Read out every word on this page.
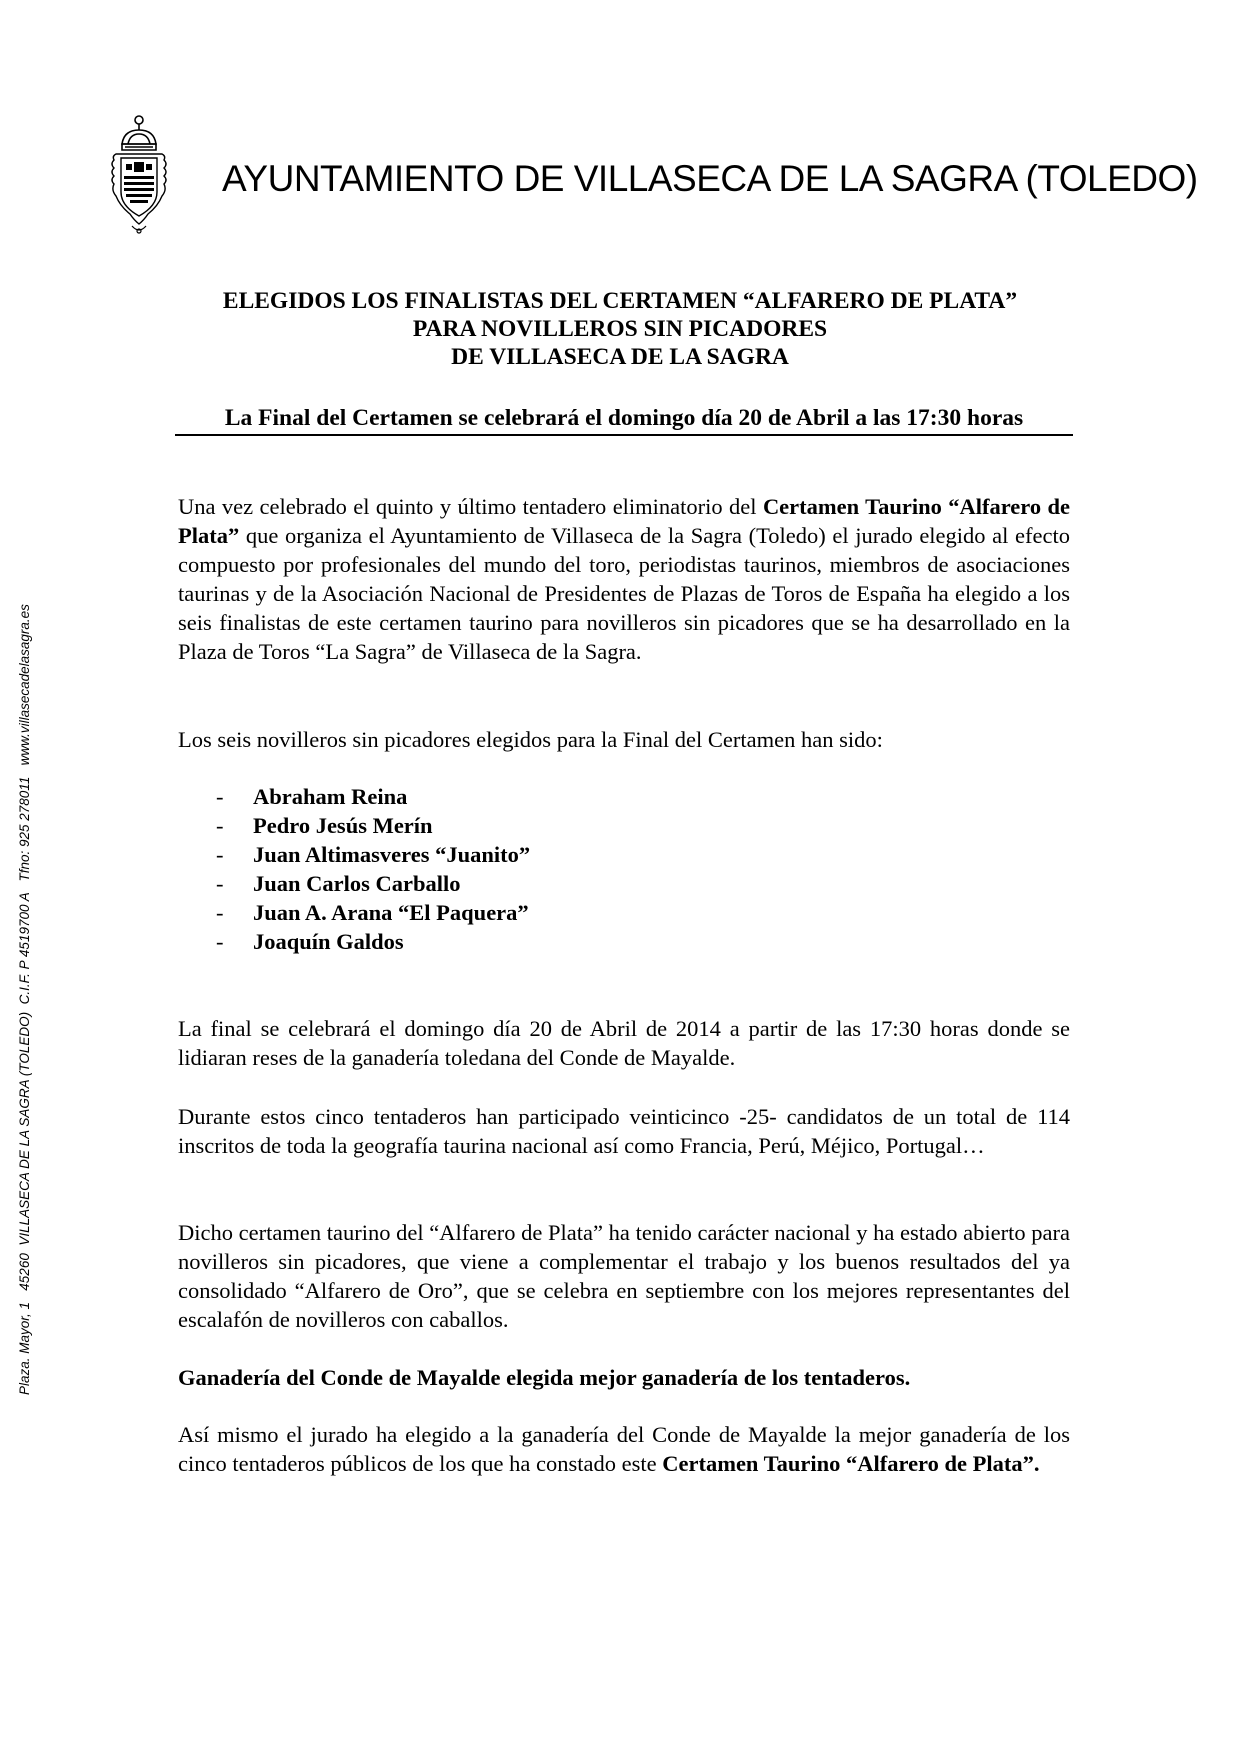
AYUNTAMIENTO DE VILLASECA DE LA SAGRA (TOLEDO)
Plaza. Mayor, 1   45260  VILLASECA DE LA SAGRA (TOLEDO)  C.I.F. P 4519700 A   Tfno: 925 278011   www.villasecadelasagra.es
ELEGIDOS LOS FINALISTAS DEL CERTAMEN “ALFARERO DE PLATA”
PARA NOVILLEROS SIN PICADORES
DE VILLASECA DE LA SAGRA
La Final del Certamen se celebrará el domingo día 20 de Abril a las 17:30 horas
Una vez celebrado el quinto y último tentadero eliminatorio del Certamen Taurino “Alfarero de Plata” que organiza el Ayuntamiento de Villaseca de la Sagra (Toledo) el jurado elegido al efecto compuesto por profesionales del mundo del toro, periodistas taurinos, miembros de asociaciones taurinas y de la Asociación Nacional de Presidentes de Plazas de Toros de España ha elegido a los seis finalistas de este certamen taurino para novilleros sin picadores que se ha desarrollado en la Plaza de Toros “La Sagra” de Villaseca de la Sagra.
Los seis novilleros sin picadores elegidos para la Final del Certamen han sido:
- Abraham Reina
- Pedro Jesús Merín
- Juan Altimasveres “Juanito”
- Juan Carlos Carballo
- Juan A. Arana “El Paquera”
- Joaquín Galdos
La final se celebrará el domingo día 20 de Abril de 2014 a partir de las 17:30 horas donde se lidiaran reses de la ganadería toledana del Conde de Mayalde.
Durante estos cinco tentaderos han participado veinticinco -25- candidatos de un total de 114 inscritos de toda la geografía taurina nacional así como Francia, Perú, Méjico, Portugal…
Dicho certamen taurino del “Alfarero de Plata” ha tenido carácter nacional y ha estado abierto para novilleros sin picadores, que viene a complementar el trabajo y los buenos resultados del ya consolidado “Alfarero de Oro”, que se celebra en septiembre con los mejores representantes del escalafón de novilleros con caballos.
Ganadería del Conde de Mayalde elegida mejor ganadería de los tentaderos.
Así mismo el jurado ha elegido a la ganadería del Conde de Mayalde la mejor ganadería de los cinco tentaderos públicos de los que ha constado este Certamen Taurino “Alfarero de Plata”.
